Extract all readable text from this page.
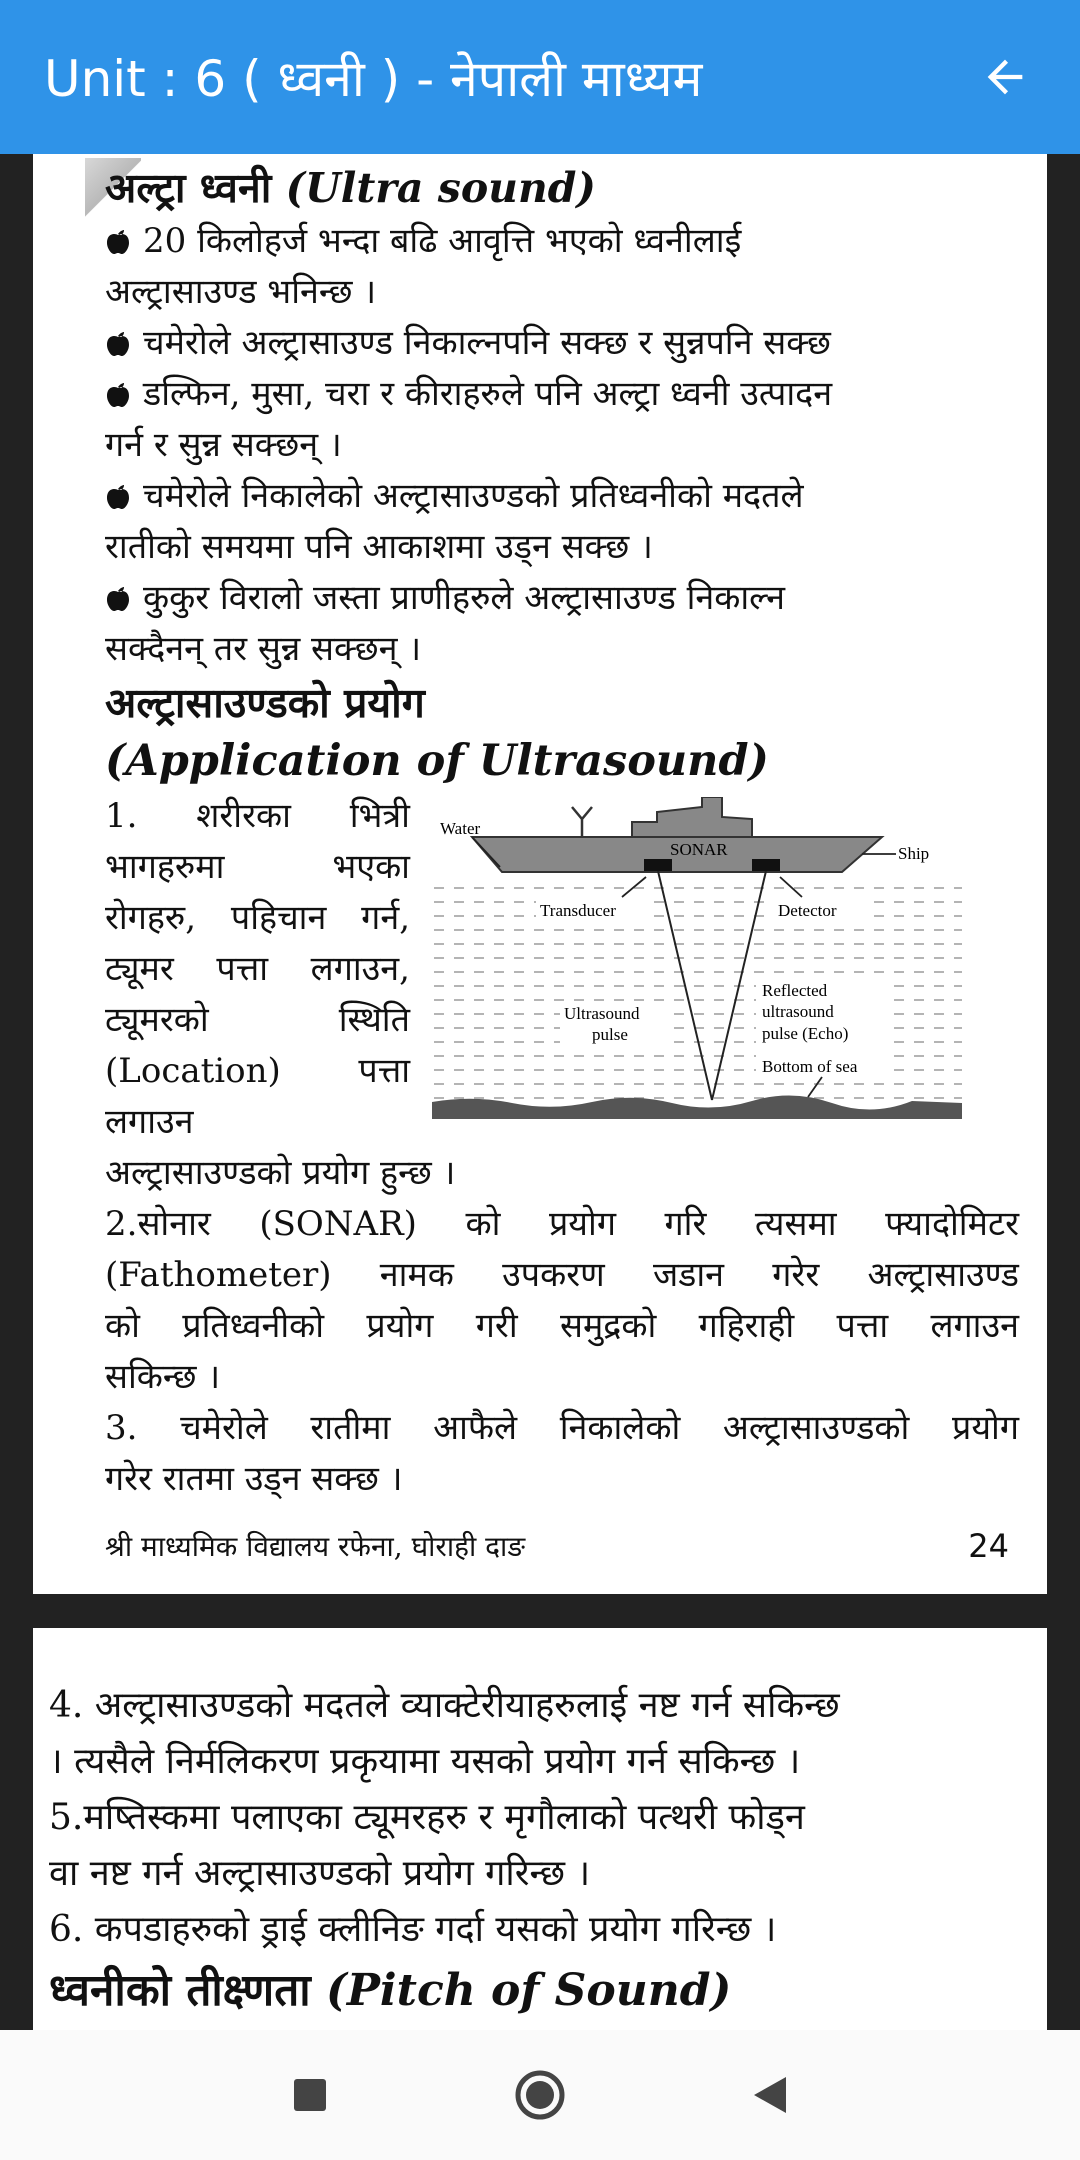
Unit : 6 ( ध्वनी ) - नेपाली माध्यम
अल्ट्रा ध्वनी (Ultra sound)

20 किलोहर्ज भन्दा बढि आवृत्ति भएको ध्वनीलाई
अल्ट्रासाउण्ड भनिन्छ ।

चमेरोले अल्ट्रासाउण्ड निकाल्नपनि सक्छ र सुन्नपनि सक्छ

डल्फिन, मुसा, चरा र कीराहरुले पनि अल्ट्रा ध्वनी उत्पादन
गर्न र सुन्न सक्छन् ।

चमेरोले निकालेको अल्ट्रासाउण्डको प्रतिध्वनीको मदतले
रातीको समयमा पनि आकाशमा उड्न सक्छ ।

कुकुर विरालो जस्ता प्राणीहरुले अल्ट्रासाउण्ड निकाल्न
सक्दैनन् तर सुन्न सक्छन् ।

अल्ट्रासाउण्डको प्रयोग
(Application of Ultrasound)
1. शरीरका भित्री
भागहरुमा भएका
रोगहरु, पहिचान गर्न,
ट्यूमर पत्ता लगाउन,
ट्यूमरको स्थिति
(Location) पत्ता
लगाउन
Water
SONAR	Ship
Transducer	Detector
Ultrasound
pulse
Reflected
ultrasound
pulse (Echo)
Bottom of sea

अल्ट्रासाउण्डको प्रयोग हुन्छ ।

2.सोनार (SONAR) को प्रयोग गरि त्यसमा फ्यादोमिटर
(Fathometer) नामक उपकरण जडान गरेर अल्ट्रासाउण्ड
को प्रतिध्वनीको प्रयोग गरी समुद्रको गहिराही पत्ता लगाउन
सकिन्छ ।
3. चमेरोले रातीमा आफैले निकालेको अल्ट्रासाउण्डको प्रयोग
गरेर रातमा उड्न सक्छ ।
श्री माध्यमिक विद्यालय रफेना, घोराही दाङ	24

4. अल्ट्रासाउण्डको मदतले व्याक्टेरीयाहरुलाई नष्ट गर्न सकिन्छ

। त्यसैले निर्मलिकरण प्रकृयामा यसको प्रयोग गर्न सकिन्छ ।

5.मष्तिस्कमा पलाएका ट्यूमरहरु र मृगौलाको पत्थरी फोड्न

वा नष्ट गर्न अल्ट्रासाउण्डको प्रयोग गरिन्छ ।

6. कपडाहरुको ड्राई क्लीनिङ गर्दा यसको प्रयोग गरिन्छ ।

ध्वनीको तीक्ष्णता (Pitch of Sound)
